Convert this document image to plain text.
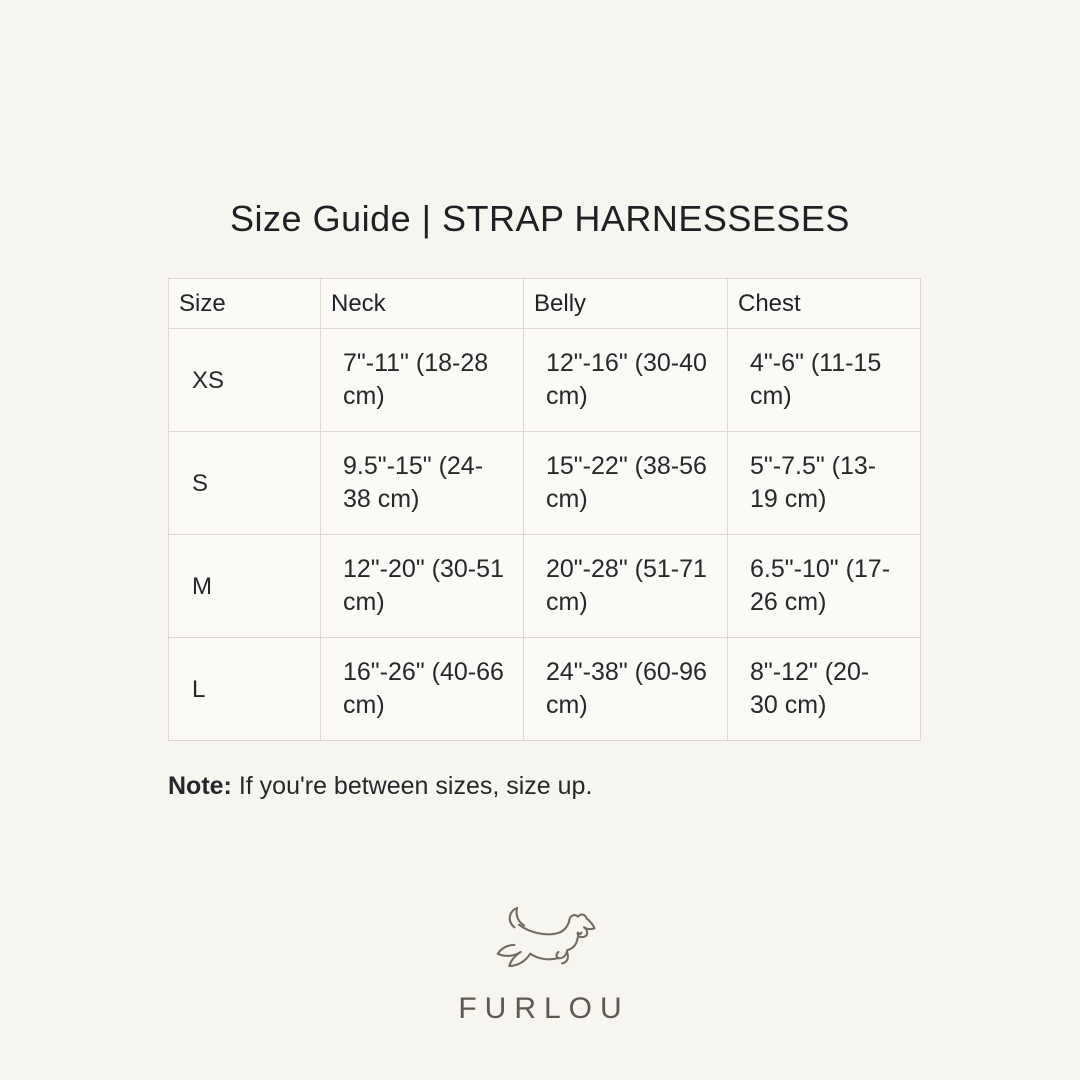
Size Guide | STRAP HARNESSESES
Size	Neck	Belly	Chest
XS	7"-11" (18-28 cm)	12"-16" (30-40 cm)	4"-6" (11-15 cm)
S	9.5"-15" (24-38 cm)	15"-22" (38-56 cm)	5"-7.5" (13-19 cm)
M	12"-20" (30-51 cm)	20"-28" (51-71 cm)	6.5"-10" (17-26 cm)
L	16"-26" (40-66 cm)	24"-38" (60-96 cm)	8"-12" (20-30 cm)

Note: If you're between sizes, size up.

FURLOU
